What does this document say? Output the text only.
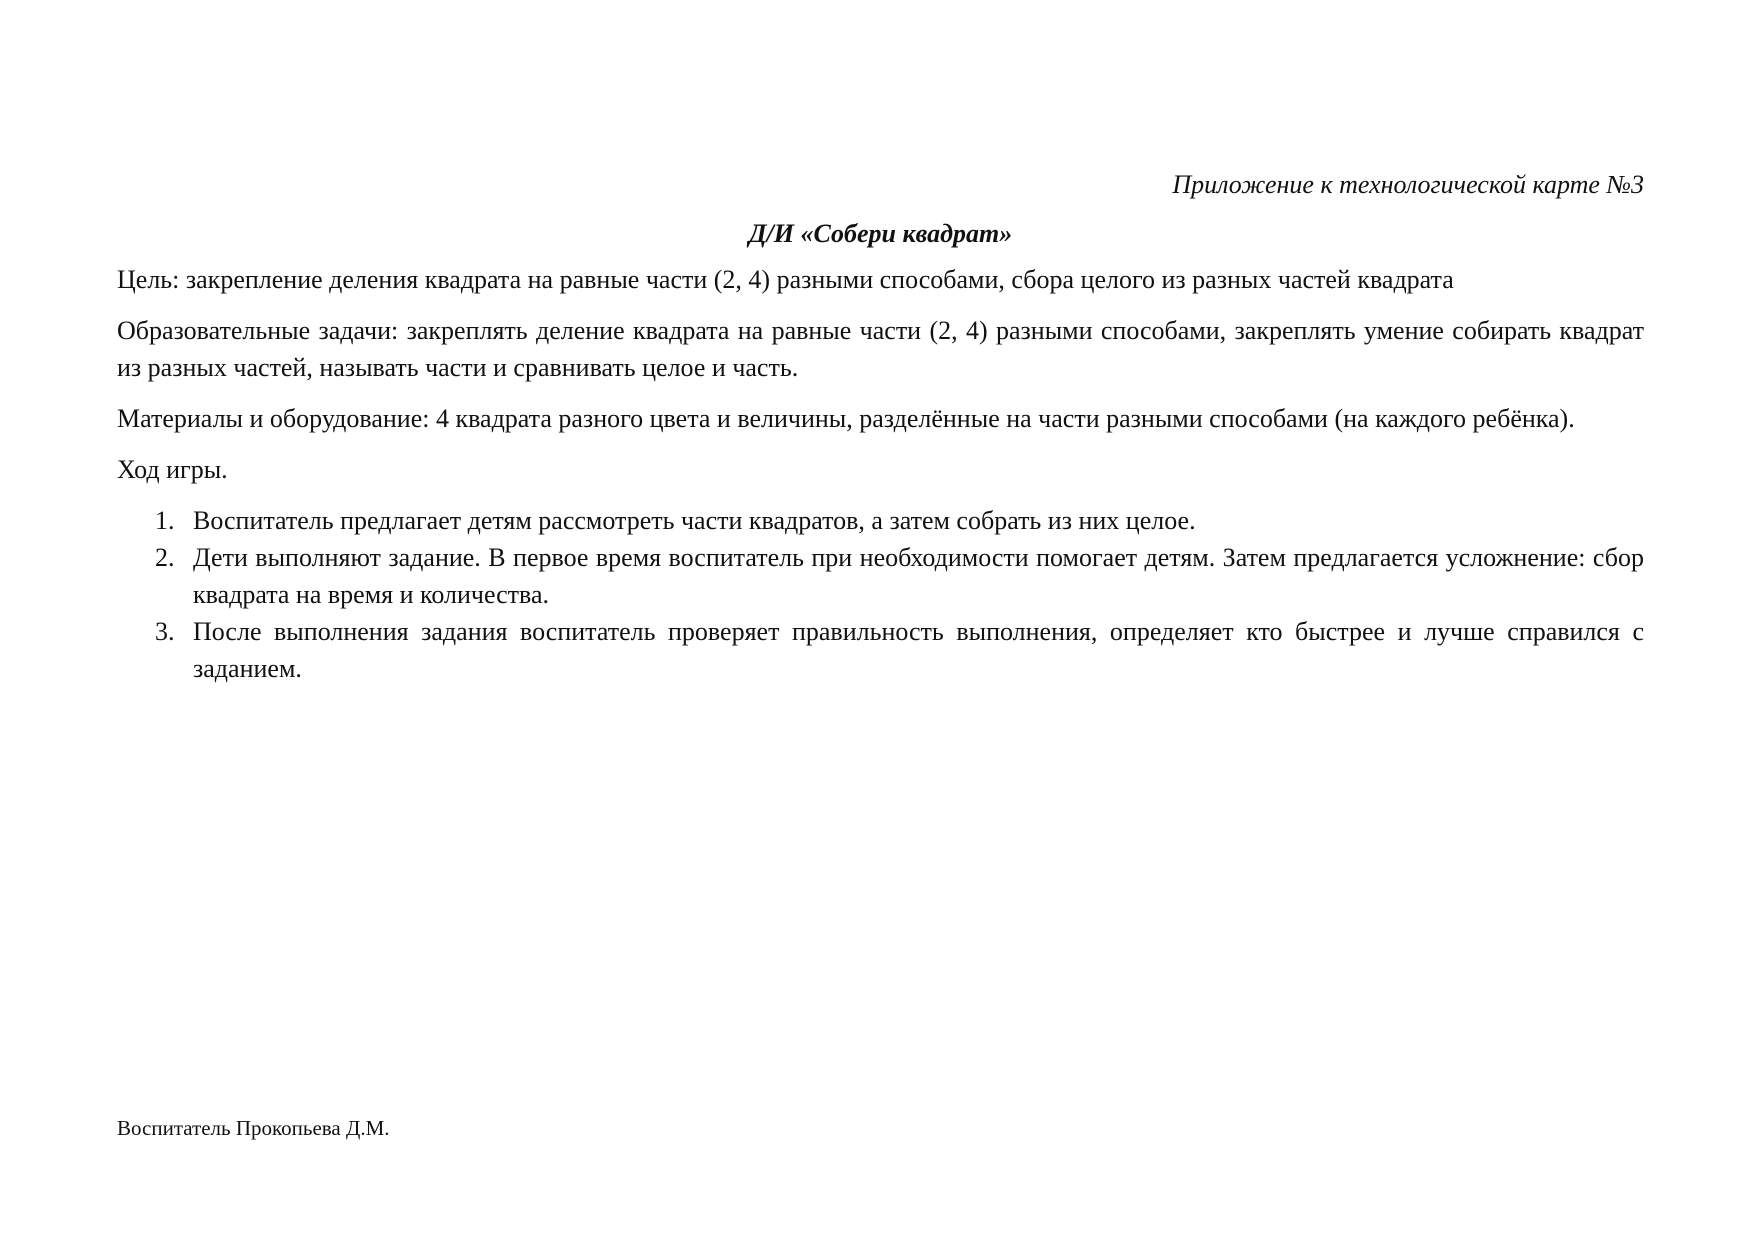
Приложение к технологической карте №3

Д/И «Собери квадрат»

Цель: закрепление деления квадрата на равные части (2, 4) разными способами, сбора целого из разных частей квадрата

Образовательные задачи: закреплять деление квадрата на равные части (2, 4) разными способами, закреплять умение собирать квадрат из разных частей, называть части и сравнивать целое и часть.

Материалы и оборудование: 4 квадрата разного цвета и величины, разделённые на части разными способами (на каждого ребёнка).

Ход игры.

1. Воспитатель предлагает детям рассмотреть части квадратов, а затем собрать из них целое.
2. Дети выполняют задание. В первое время воспитатель при необходимости помогает детям. Затем предлагается усложнение: сбор квадрата на время и количества.
3. После выполнения задания воспитатель проверяет правильность выполнения, определяет кто быстрее и лучше справился с заданием.
Воспитатель Прокопьева Д.М.
